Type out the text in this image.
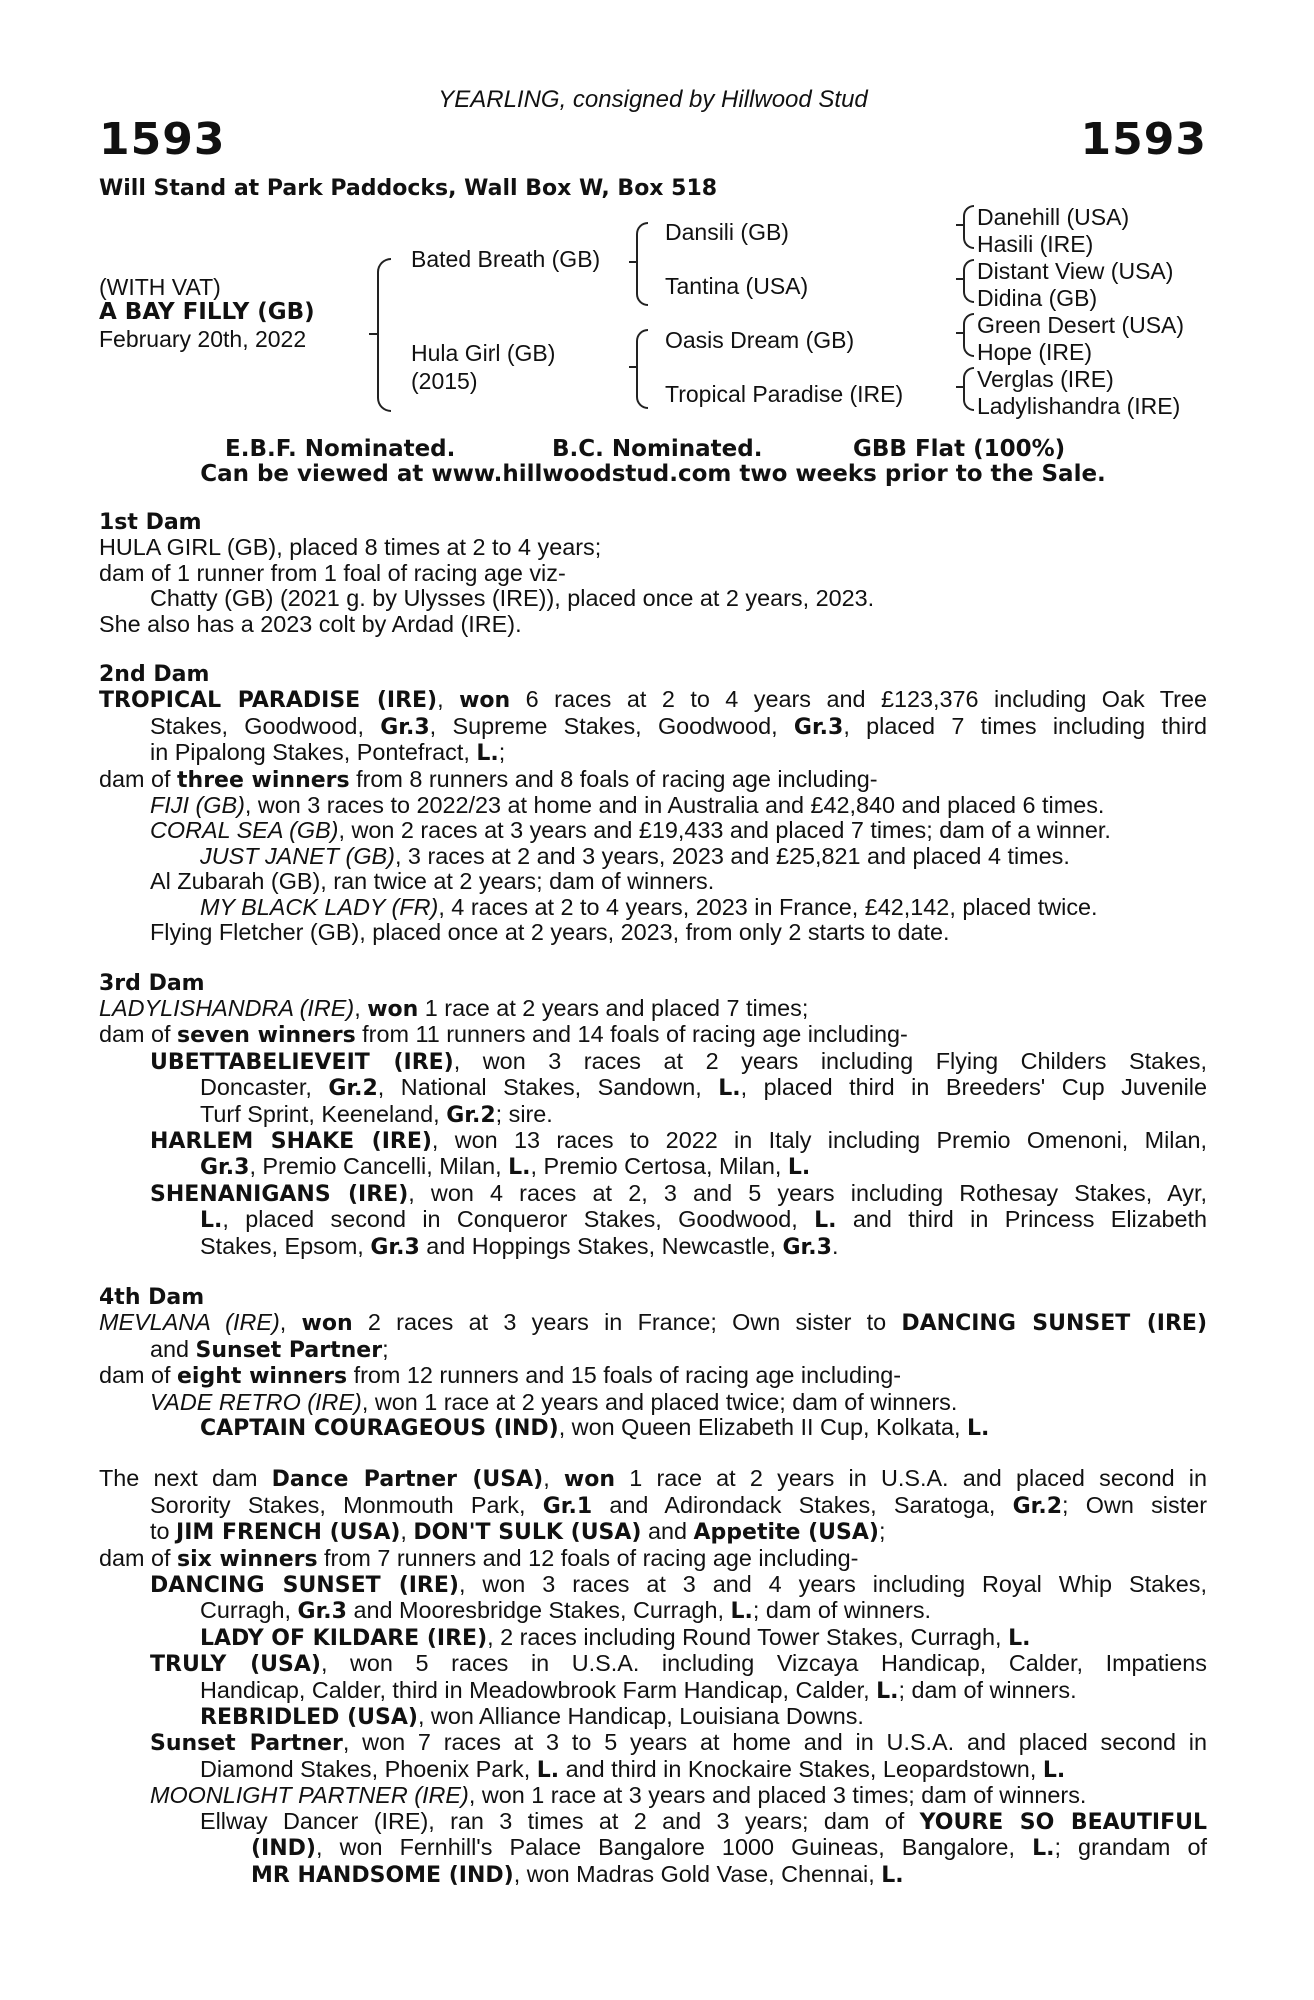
YEARLING, consigned by Hillwood Stud
1593	1593
Will Stand at Park Paddocks, Wall Box W, Box 518
(WITH VAT)
A BAY FILLY (GB)
February 20th, 2022
Bated Breath (GB)
Hula Girl (GB)
(2015)
Dansili (GB)
Tantina (USA)
Oasis Dream (GB)
Tropical Paradise (IRE)
Danehill (USA)
Hasili (IRE)
Distant View (USA)
Didina (GB)
Green Desert (USA)
Hope (IRE)
Verglas (IRE)
Ladylishandra (IRE)
E.B.F. Nominated.	B.C. Nominated.	GBB Flat (100%)
Can be viewed at www.hillwoodstud.com two weeks prior to the Sale.
1st Dam
HULA GIRL (GB), placed 8 times at 2 to 4 years;
dam of 1 runner from 1 foal of racing age viz-
Chatty (GB) (2021 g. by Ulysses (IRE)), placed once at 2 years, 2023.
She also has a 2023 colt by Ardad (IRE).
2nd Dam
TROPICAL PARADISE (IRE), won 6 races at 2 to 4 years and £123,376 including Oak Tree
Stakes, Goodwood, Gr.3, Supreme Stakes, Goodwood, Gr.3, placed 7 times including third
in Pipalong Stakes, Pontefract, L.;
dam of three winners from 8 runners and 8 foals of racing age including-
FIJI (GB), won 3 races to 2022/23 at home and in Australia and £42,840 and placed 6 times.
CORAL SEA (GB), won 2 races at 3 years and £19,433 and placed 7 times; dam of a winner.
JUST JANET (GB), 3 races at 2 and 3 years, 2023 and £25,821 and placed 4 times.
Al Zubarah (GB), ran twice at 2 years; dam of winners.
MY BLACK LADY (FR), 4 races at 2 to 4 years, 2023 in France, £42,142, placed twice.
Flying Fletcher (GB), placed once at 2 years, 2023, from only 2 starts to date.
3rd Dam
LADYLISHANDRA (IRE), won 1 race at 2 years and placed 7 times;
dam of seven winners from 11 runners and 14 foals of racing age including-
UBETTABELIEVEIT (IRE), won 3 races at 2 years including Flying Childers Stakes,
Doncaster, Gr.2, National Stakes, Sandown, L., placed third in Breeders' Cup Juvenile
Turf Sprint, Keeneland, Gr.2; sire.
HARLEM SHAKE (IRE), won 13 races to 2022 in Italy including Premio Omenoni, Milan,
Gr.3, Premio Cancelli, Milan, L., Premio Certosa, Milan, L.
SHENANIGANS (IRE), won 4 races at 2, 3 and 5 years including Rothesay Stakes, Ayr,
L., placed second in Conqueror Stakes, Goodwood, L. and third in Princess Elizabeth
Stakes, Epsom, Gr.3 and Hoppings Stakes, Newcastle, Gr.3.
4th Dam
MEVLANA (IRE), won 2 races at 3 years in France; Own sister to DANCING SUNSET (IRE)
and Sunset Partner;
dam of eight winners from 12 runners and 15 foals of racing age including-
VADE RETRO (IRE), won 1 race at 2 years and placed twice; dam of winners.
CAPTAIN COURAGEOUS (IND), won Queen Elizabeth II Cup, Kolkata, L.
The next dam Dance Partner (USA), won 1 race at 2 years in U.S.A. and placed second in
Sorority Stakes, Monmouth Park, Gr.1 and Adirondack Stakes, Saratoga, Gr.2; Own sister
to JIM FRENCH (USA), DON'T SULK (USA) and Appetite (USA);
dam of six winners from 7 runners and 12 foals of racing age including-
DANCING SUNSET (IRE), won 3 races at 3 and 4 years including Royal Whip Stakes,
Curragh, Gr.3 and Mooresbridge Stakes, Curragh, L.; dam of winners.
LADY OF KILDARE (IRE), 2 races including Round Tower Stakes, Curragh, L.
TRULY (USA), won 5 races in U.S.A. including Vizcaya Handicap, Calder, Impatiens
Handicap, Calder, third in Meadowbrook Farm Handicap, Calder, L.; dam of winners.
REBRIDLED (USA), won Alliance Handicap, Louisiana Downs.
Sunset Partner, won 7 races at 3 to 5 years at home and in U.S.A. and placed second in
Diamond Stakes, Phoenix Park, L. and third in Knockaire Stakes, Leopardstown, L.
MOONLIGHT PARTNER (IRE), won 1 race at 3 years and placed 3 times; dam of winners.
Ellway Dancer (IRE), ran 3 times at 2 and 3 years; dam of YOURE SO BEAUTIFUL
(IND), won Fernhill's Palace Bangalore 1000 Guineas, Bangalore, L.; grandam of
MR HANDSOME (IND), won Madras Gold Vase, Chennai, L.
